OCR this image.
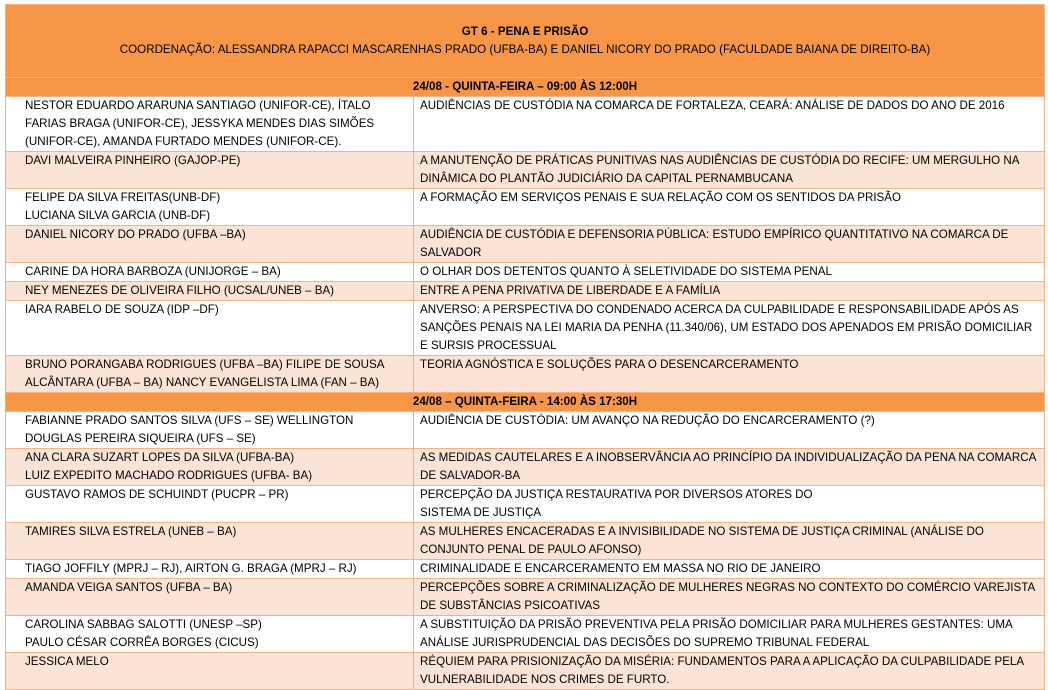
GT 6 - PENA E PRISÃO

COORDENAÇÃO: ALESSANDRA RAPACCI MASCARENHAS PRADO (UFBA-BA) E DANIEL NICORY DO PRADO (FACULDADE BAIANA DE DIREITO-BA)	

24/08 - QUINTA-FEIRA – 09:00 ÀS 12:00H	
NESTOR EDUARDO ARARUNA SANTIAGO (UNIFOR-CE), ÍTALO FARIAS BRAGA (UNIFOR-CE), JESSYKA MENDES DIAS SIMÕES (UNIFOR-CE), AMANDA FURTADO MENDES (UNIFOR-CE).	AUDIÊNCIAS DE CUSTÓDIA NA COMARCA DE FORTALEZA, CEARÁ: ANÁLISE DE DADOS DO ANO DE 2016
DAVI MALVEIRA PINHEIRO (GAJOP-PE)	A MANUTENÇÃO DE PRÁTICAS PUNITIVAS NAS AUDIÊNCIAS DE CUSTÓDIA DO RECIFE: UM MERGULHO NA DINÂMICA DO PLANTÃO JUDICIÁRIO DA CAPITAL PERNAMBUCANA
FELIPE DA SILVA FREITAS(UNB-DF)
LUCIANA SILVA GARCIA (UNB-DF)	A FORMAÇÃO EM SERVIÇOS PENAIS E SUA RELAÇÃO COM OS SENTIDOS DA PRISÃO
DANIEL NICORY DO PRADO (UFBA –BA)	AUDIÊNCIA DE CUSTÓDIA E DEFENSORIA PÚBLICA: ESTUDO EMPÍRICO QUANTITATIVO NA COMARCA DE SALVADOR
CARINE DA HORA BARBOZA (UNIJORGE – BA)	O OLHAR DOS DETENTOS QUANTO À SELETIVIDADE DO SISTEMA PENAL
NEY MENEZES DE OLIVEIRA FILHO (UCSAL/UNEB – BA)	ENTRE A PENA PRIVATIVA DE LIBERDADE E A FAMÍLIA
IARA RABELO DE SOUZA (IDP –DF)	ANVERSO: A PERSPECTIVA DO CONDENADO ACERCA DA CULPABILIDADE E RESPONSABILIDADE APÓS AS SANÇÕES PENAIS NA LEI MARIA DA PENHA (11.340/06), UM ESTADO DOS APENADOS EM PRISÃO DOMICILIAR E SURSIS PROCESSUAL
BRUNO PORANGABA RODRIGUES (UFBA –BA) FILIPE DE SOUSA ALCÂNTARA (UFBA – BA) NANCY EVANGELISTA LIMA (FAN – BA)	TEORIA AGNÓSTICA E SOLUÇÕES PARA O DESENCARCERAMENTO
24/08 – QUINTA-FEIRA - 14:00 ÀS 17:30H	
FABIANNE PRADO SANTOS SILVA (UFS – SE) WELLINGTON DOUGLAS PEREIRA SIQUEIRA (UFS – SE)	AUDIÊNCIA DE CUSTÓDIA: UM AVANÇO NA REDUÇÃO DO ENCARCERAMENTO (?)
ANA CLARA SUZART LOPES DA SILVA (UFBA-BA)
LUIZ EXPEDITO MACHADO RODRIGUES (UFBA- BA)	AS MEDIDAS CAUTELARES E A INOBSERVÂNCIA AO PRINCÍPIO DA INDIVIDUALIZAÇÃO DA PENA NA COMARCA DE SALVADOR-BA
GUSTAVO RAMOS DE SCHUINDT (PUCPR – PR)	PERCEPÇÃO DA JUSTIÇA RESTAURATIVA POR DIVERSOS ATORES DO
SISTEMA DE JUSTIÇA
TAMIRES SILVA ESTRELA (UNEB – BA)	AS MULHERES ENCACERADAS E A INVISIBILIDADE NO SISTEMA DE JUSTIÇA CRIMINAL (ANÁLISE DO CONJUNTO PENAL DE PAULO AFONSO)
TIAGO JOFFILY (MPRJ – RJ), AIRTON G. BRAGA (MPRJ – RJ)	CRIMINALIDADE E ENCARCERAMENTO EM MASSA NO RIO DE JANEIRO
AMANDA VEIGA SANTOS (UFBA – BA)	PERCEPÇÕES SOBRE A CRIMINALIZAÇÃO DE MULHERES NEGRAS NO CONTEXTO DO COMÉRCIO VAREJISTA DE SUBSTÂNCIAS PSICOATIVAS
CAROLINA SABBAG SALOTTI (UNESP –SP)
PAULO CÉSAR CORRÊA BORGES (CICUS)	A SUBSTITUIÇÃO DA PRISÃO PREVENTIVA PELA PRISÃO DOMICILIAR PARA MULHERES GESTANTES: UMA ANÁLISE JURISPRUDENCIAL DAS DECISÕES DO SUPREMO TRIBUNAL FEDERAL
JESSICA MELO	RÉQUIEM PARA PRISIONIZAÇÃO DA MISÉRIA: FUNDAMENTOS PARA A APLICAÇÃO DA CULPABILIDADE PELA VULNERABILIDADE NOS CRIMES DE FURTO.
